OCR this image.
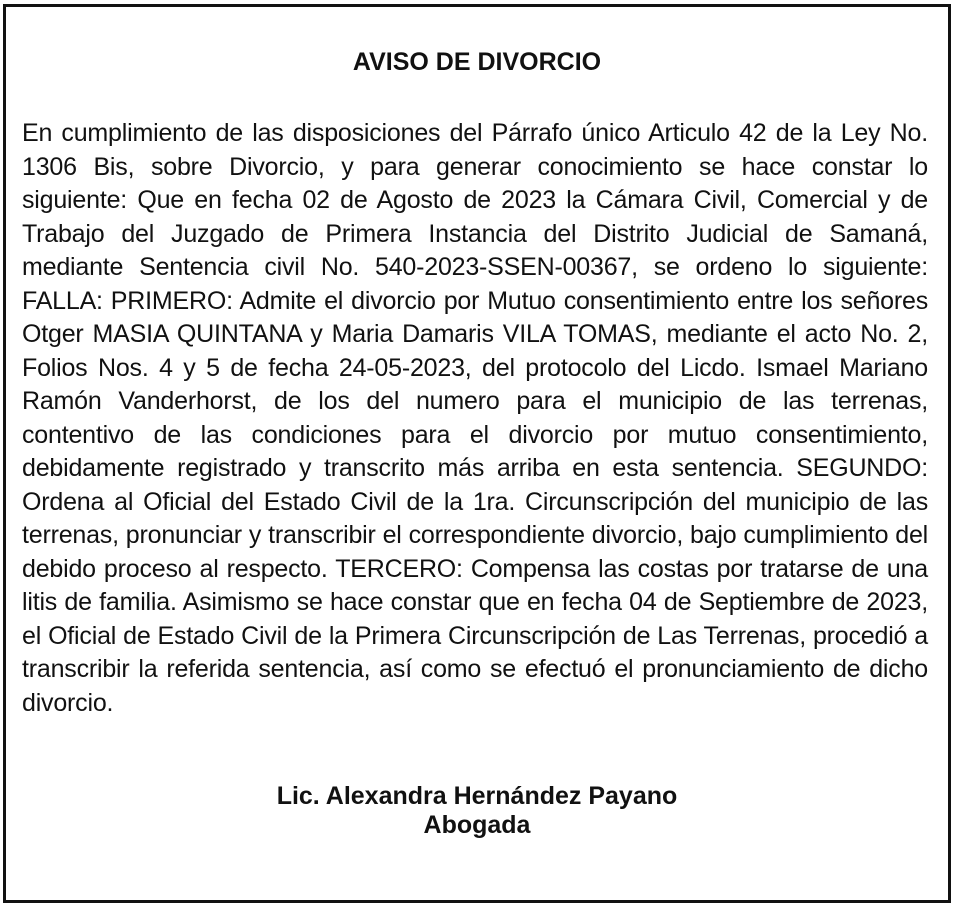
AVISO DE DIVORCIO

En cumplimiento de las disposiciones del Párrafo único Articulo 42 de la Ley No. 1306 Bis, sobre Divorcio, y para generar conocimiento se hace constar lo siguiente: Que en fecha 02 de Agosto de 2023 la Cámara Civil, Comercial y de Trabajo del Juzgado de Primera Instancia del Distrito Judicial de Samaná, mediante Sentencia civil No. 540-2023-SSEN-00367, se ordeno lo siguiente: FALLA: PRIMERO: Admite el divorcio por Mutuo consentimiento entre los señores Otger MASIA QUINTANA y Maria Damaris VILA TOMAS, mediante el acto No. 2, Folios Nos. 4 y 5 de fecha 24-05-2023, del protocolo del Licdo. Ismael Mariano Ramón Vanderhorst, de los del numero para el municipio de las terrenas, contentivo de las condiciones para el divorcio por mutuo consentimiento, debidamente registrado y transcrito más arriba en esta sentencia. SEGUNDO: Ordena al Oficial del Estado Civil de la 1ra. Circunscripción del municipio de las terrenas, pronunciar y transcribir el correspondiente divorcio, bajo cumplimiento del debido proceso al respecto. TERCERO: Compensa las costas por tratarse de una litis de familia. Asimismo se hace constar que en fecha 04 de Septiembre de 2023, el Oficial de Estado Civil de la Primera Circunscripción de Las Terrenas, procedió a transcribir la referida sentencia, así como se efectuó el pronunciamiento de dicho divorcio.

Lic. Alexandra Hernández Payano
Abogada
